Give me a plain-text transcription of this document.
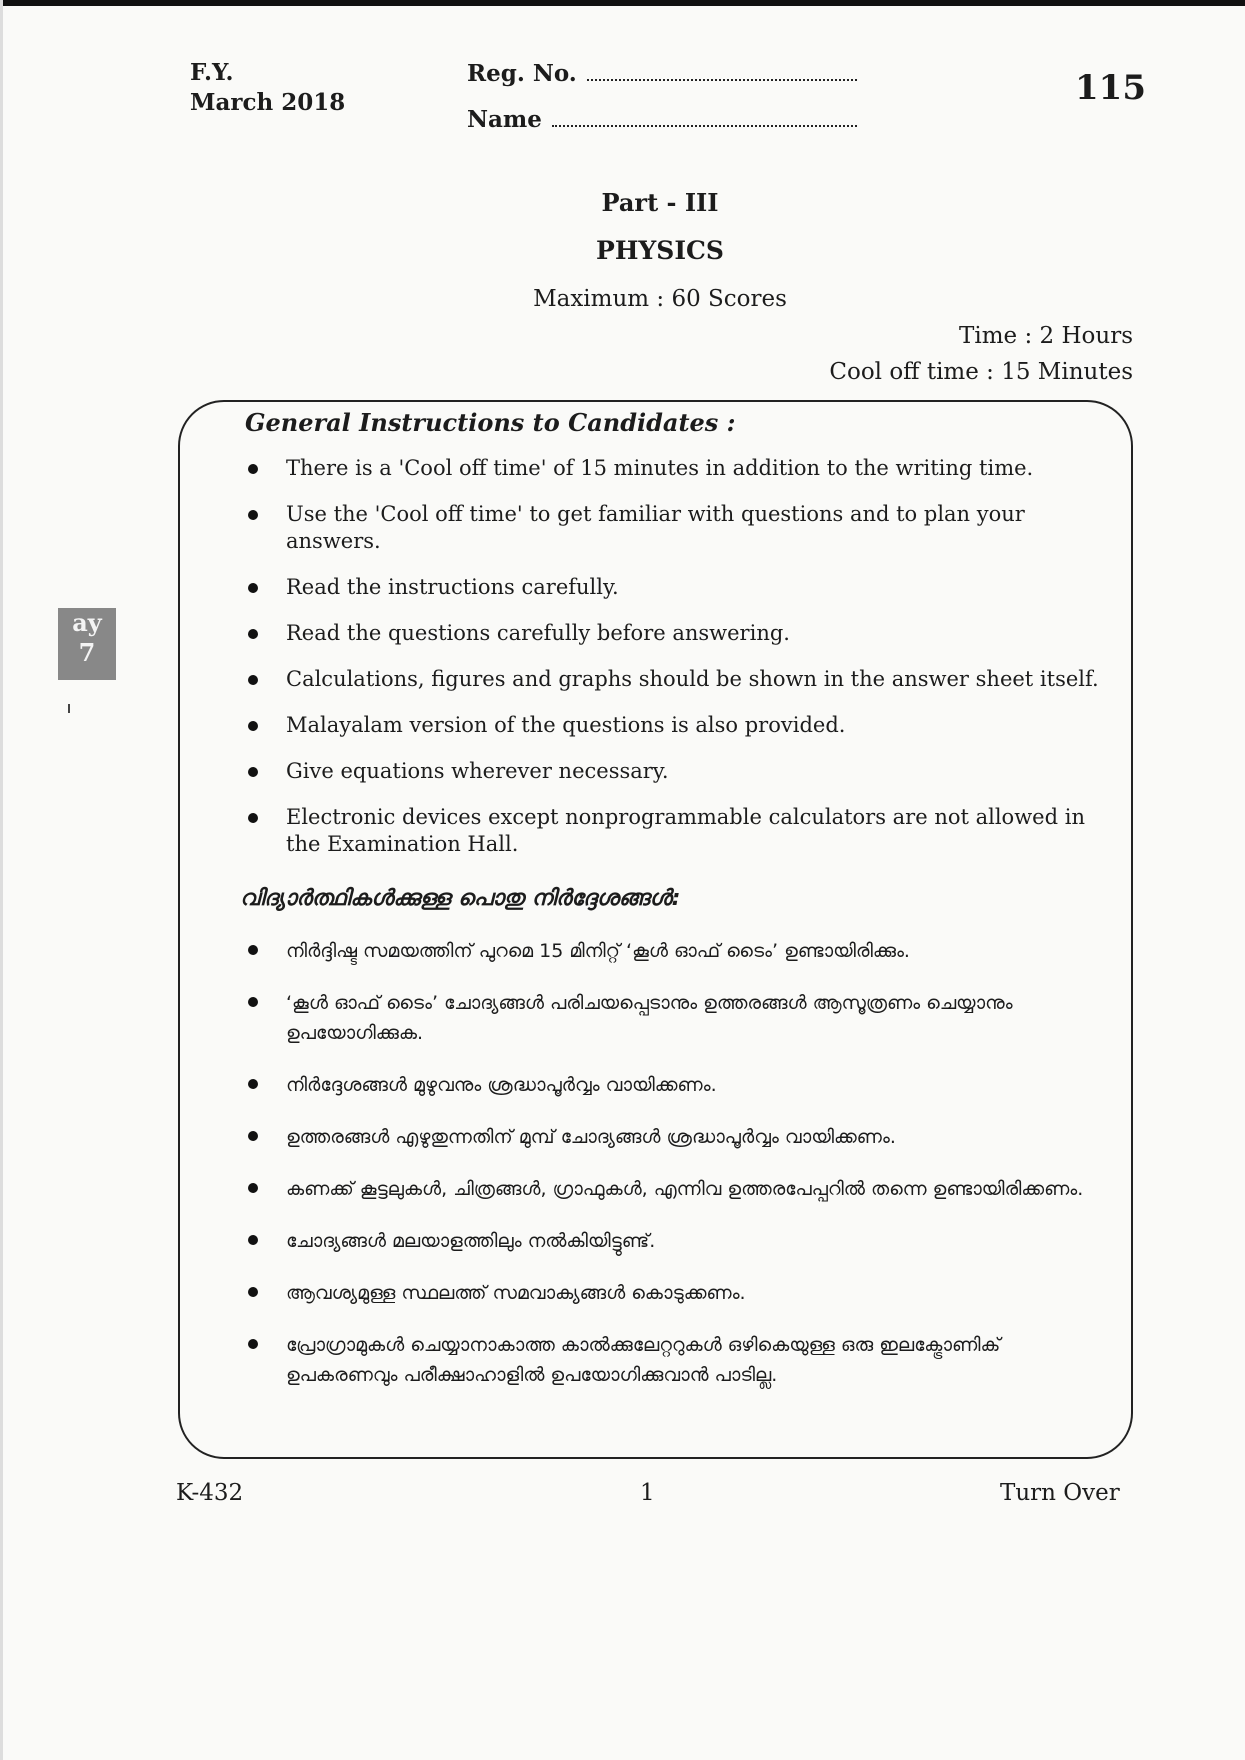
F.Y.
March 2018
Reg. No.
Name
115
Part - III
PHYSICS
Maximum : 60 Scores
Time : 2 Hours
Cool off time : 15 Minutes
General Instructions to Candidates :
There is a 'Cool off time' of 15 minutes in addition to the writing time.
Use the 'Cool off time' to get familiar with questions and to plan your answers.
Read the instructions carefully.
Read the questions carefully before answering.
Calculations, figures and graphs should be shown in the answer sheet itself.
Malayalam version of the questions is also provided.
Give equations wherever necessary.
Electronic devices except nonprogrammable calculators are not allowed in the Examination Hall.
വിദ്യാർത്ഥികൾക്കുള്ള പൊതു നിർദ്ദേശങ്ങൾ:
നിർദ്ദിഷ്ട സമയത്തിന് പുറമെ 15 മിനിറ്റ് ‘കൂൾ ഓഫ് ടൈം’ ഉണ്ടായിരിക്കും.
‘കൂൾ ഓഫ് ടൈം’ ചോദ്യങ്ങൾ പരിചയപ്പെടാനും ഉത്തരങ്ങൾ ആസൂത്രണം ചെയ്യാനും ഉപയോഗിക്കുക.
നിർദ്ദേശങ്ങൾ മുഴുവനും ശ്രദ്ധാപൂർവ്വം വായിക്കണം.
ഉത്തരങ്ങൾ എഴുതുന്നതിന് മുമ്പ് ചോദ്യങ്ങൾ ശ്രദ്ധാപൂർവ്വം വായിക്കണം.
കണക്ക് കൂട്ടലുകൾ, ചിത്രങ്ങൾ, ഗ്രാഫുകൾ, എന്നിവ ഉത്തരപേപ്പറിൽ തന്നെ ഉണ്ടായിരിക്കണം.
ചോദ്യങ്ങൾ മലയാളത്തിലും നൽകിയിട്ടുണ്ട്.
ആവശ്യമുള്ള സ്ഥലത്ത് സമവാക്യങ്ങൾ കൊടുക്കണം.
പ്രോഗ്രാമുകൾ ചെയ്യാനാകാത്ത കാൽക്കുലേറ്ററുകൾ ഒഴികെയുള്ള ഒരു ഇലക്ട്രോണിക് ഉപകരണവും പരീക്ഷാഹാളിൽ ഉപയോഗിക്കുവാൻ പാടില്ല.
ay
7
K-432	1	Turn Over
